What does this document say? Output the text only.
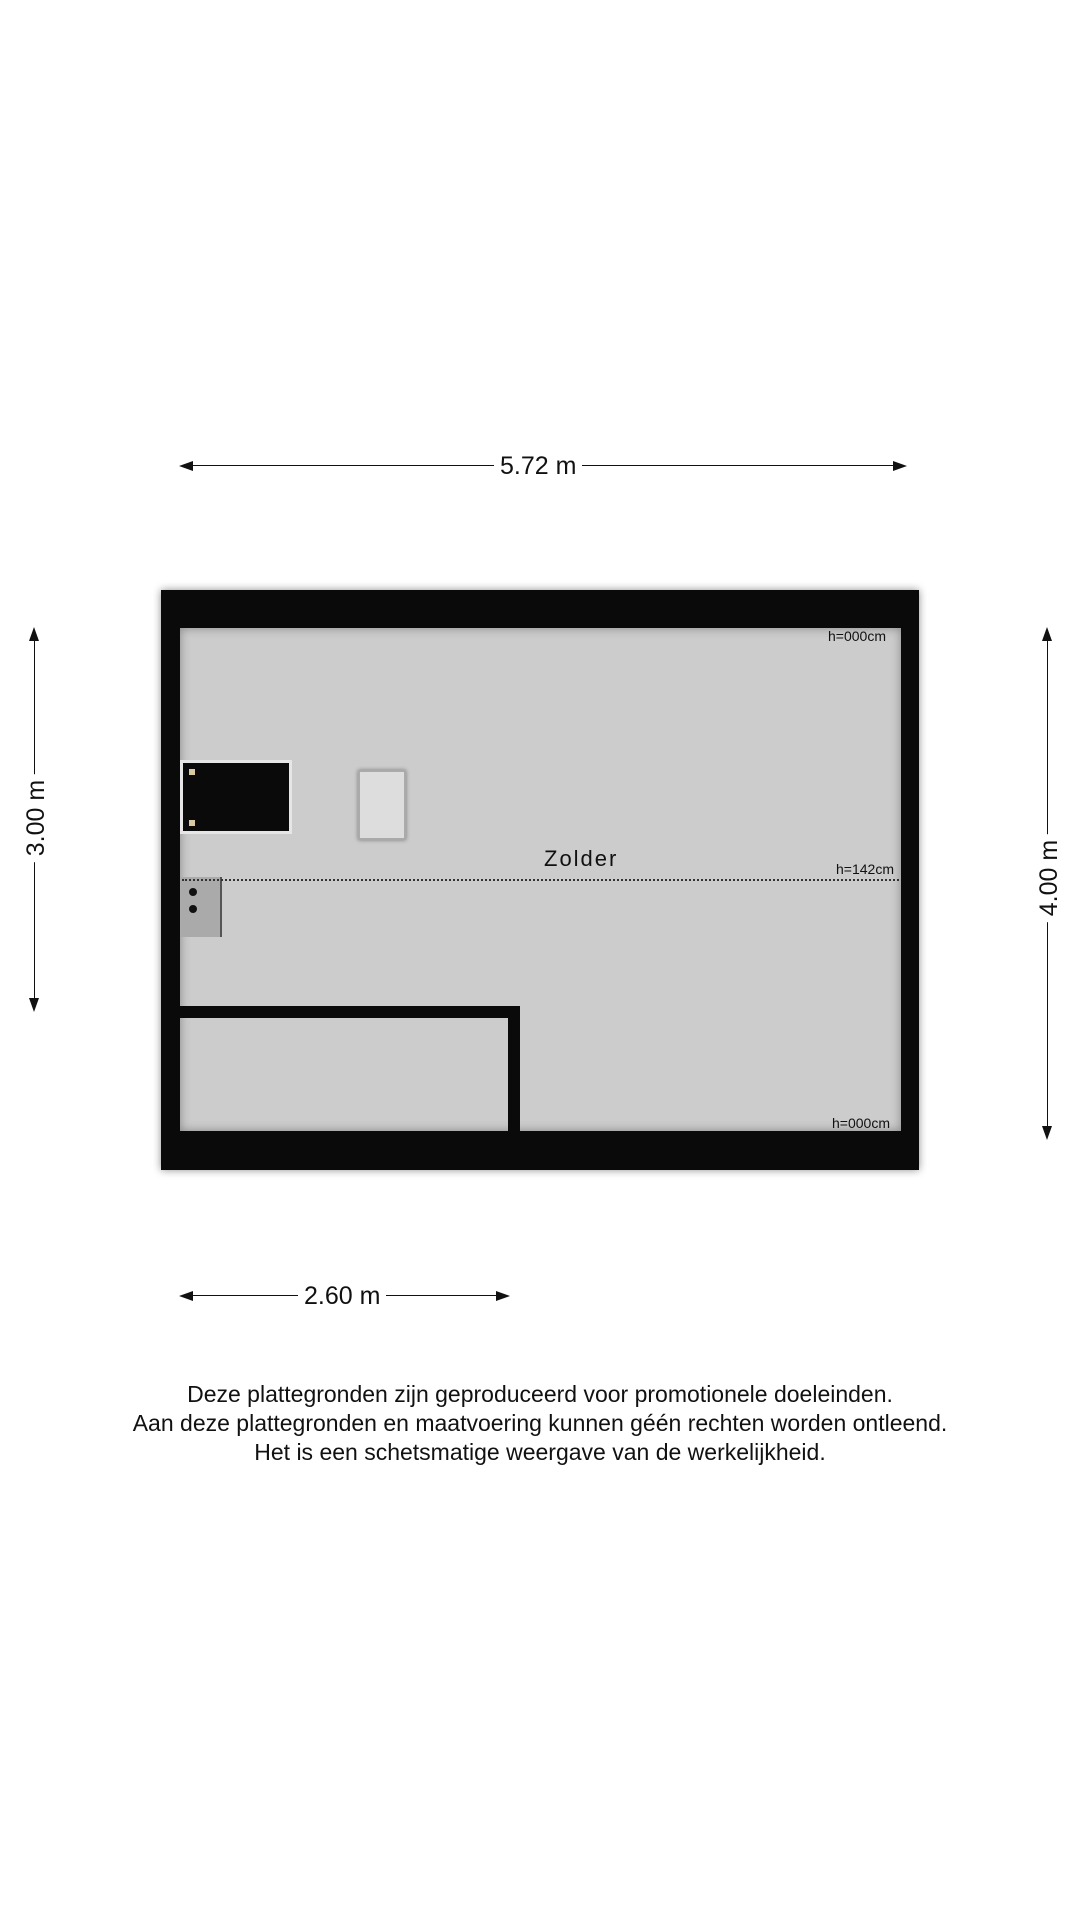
5.72 m
3.00 m
4.00 m
Zolder
h=000cm
h=142cm
h=000cm
2.60 m
Deze plattegronden zijn geproduceerd voor promotionele doeleinden.
Aan deze plattegronden en maatvoering kunnen géén rechten worden ontleend.
Het is een schetsmatige weergave van de werkelijkheid.
